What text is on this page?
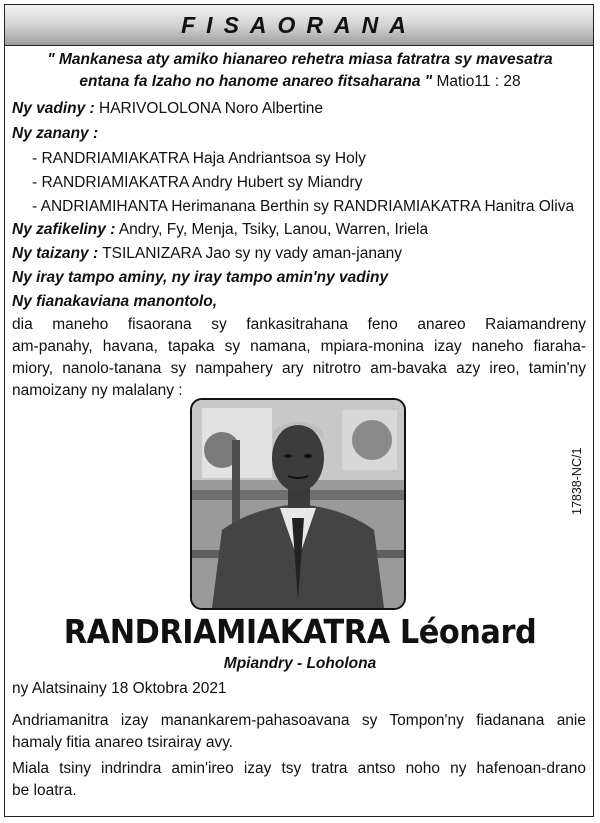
FISAORANA
" Mankanesa aty amiko hianareo rehetra miasa fatratra sy mavesatra
entana fa Izaho no hanome anareo fitsaharana " Matio11 : 28
Ny vadiny : HARIVOLOLONA Noro Albertine
Ny zanany :
- RANDRIAMIAKATRA Haja Andriantsoa sy Holy
- RANDRIAMIAKATRA Andry Hubert sy Miandry
- ANDRIAMIHANTA Herimanana Berthin sy RANDRIAMIAKATRA Hanitra Oliva
Ny zafikeliny : Andry, Fy, Menja, Tsiky, Lanou, Warren, Iriela
Ny taizany : TSILANIZARA Jao sy ny vady aman-janany
Ny iray tampo aminy, ny iray tampo amin'ny vadiny
Ny fianakaviana manontolo,
dia maneho fisaorana sy fankasitrahana feno anareo Raiamandreny
am-panahy, havana, tapaka sy namana, mpiara-monina izay naneho fiaraha-
miory, nanolo-tanana sy nampahery ary nitrotro am-bavaka azy ireo, tamin'ny
namoizany ny malalany :
17838-NC/1
RANDRIAMIAKATRA Léonard
Mpiandry - Loholona
ny Alatsinainy 18 Oktobra 2021
Andriamanitra izay manankarem-pahasoavana sy Tompon'ny fiadanana anie
hamaly fitia anareo tsirairay avy.
Miala tsiny indrindra amin'ireo izay tsy tratra antso noho ny hafenoan-drano
be loatra.
